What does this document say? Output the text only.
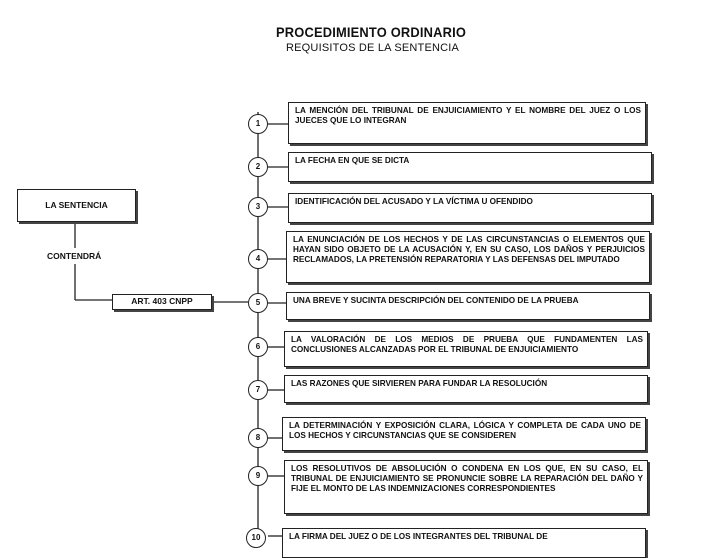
PROCEDIMIENTO ORDINARIO
REQUISITOS DE LA SENTENCIA
LA SENTENCIA
CONTENDRÁ
ART. 403 CNPP
1
2
3
4
5
6
7
8
9
10
LA MENCIÓN DEL TRIBUNAL DE ENJUICIAMIENTO Y EL NOMBRE DEL JUEZ O LOS JUECES QUE LO INTEGRAN
LA FECHA EN QUE SE DICTA
IDENTIFICACIÓN DEL ACUSADO Y LA VÍCTIMA U OFENDIDO
LA ENUNCIACIÓN DE LOS HECHOS Y DE LAS CIRCUNSTANCIAS O ELEMENTOS QUE HAYAN SIDO OBJETO DE LA ACUSACIÓN Y, EN SU CASO, LOS DAÑOS Y PERJUICIOS RECLAMADOS, LA PRETENSIÓN REPARATORIA Y LAS DEFENSAS DEL IMPUTADO
UNA BREVE Y SUCINTA DESCRIPCIÓN DEL CONTENIDO DE LA PRUEBA
LA VALORACIÓN DE LOS MEDIOS DE PRUEBA QUE FUNDAMENTEN LAS CONCLUSIONES ALCANZADAS POR EL TRIBUNAL DE ENJUICIAMIENTO
LAS RAZONES QUE SIRVIEREN PARA FUNDAR LA RESOLUCIÓN
LA DETERMINACIÓN Y EXPOSICIÓN CLARA, LÓGICA Y COMPLETA DE CADA UNO DE LOS HECHOS Y CIRCUNSTANCIAS QUE SE CONSIDEREN
LOS RESOLUTIVOS DE ABSOLUCIÓN O CONDENA EN LOS QUE, EN SU CASO, EL TRIBUNAL DE ENJUICIAMIENTO SE PRONUNCIE SOBRE LA REPARACIÓN DEL DAÑO Y FIJE EL MONTO DE LAS INDEMNIZACIONES CORRESPONDIENTES
LA FIRMA DEL JUEZ O DE LOS INTEGRANTES DEL TRIBUNAL DE
